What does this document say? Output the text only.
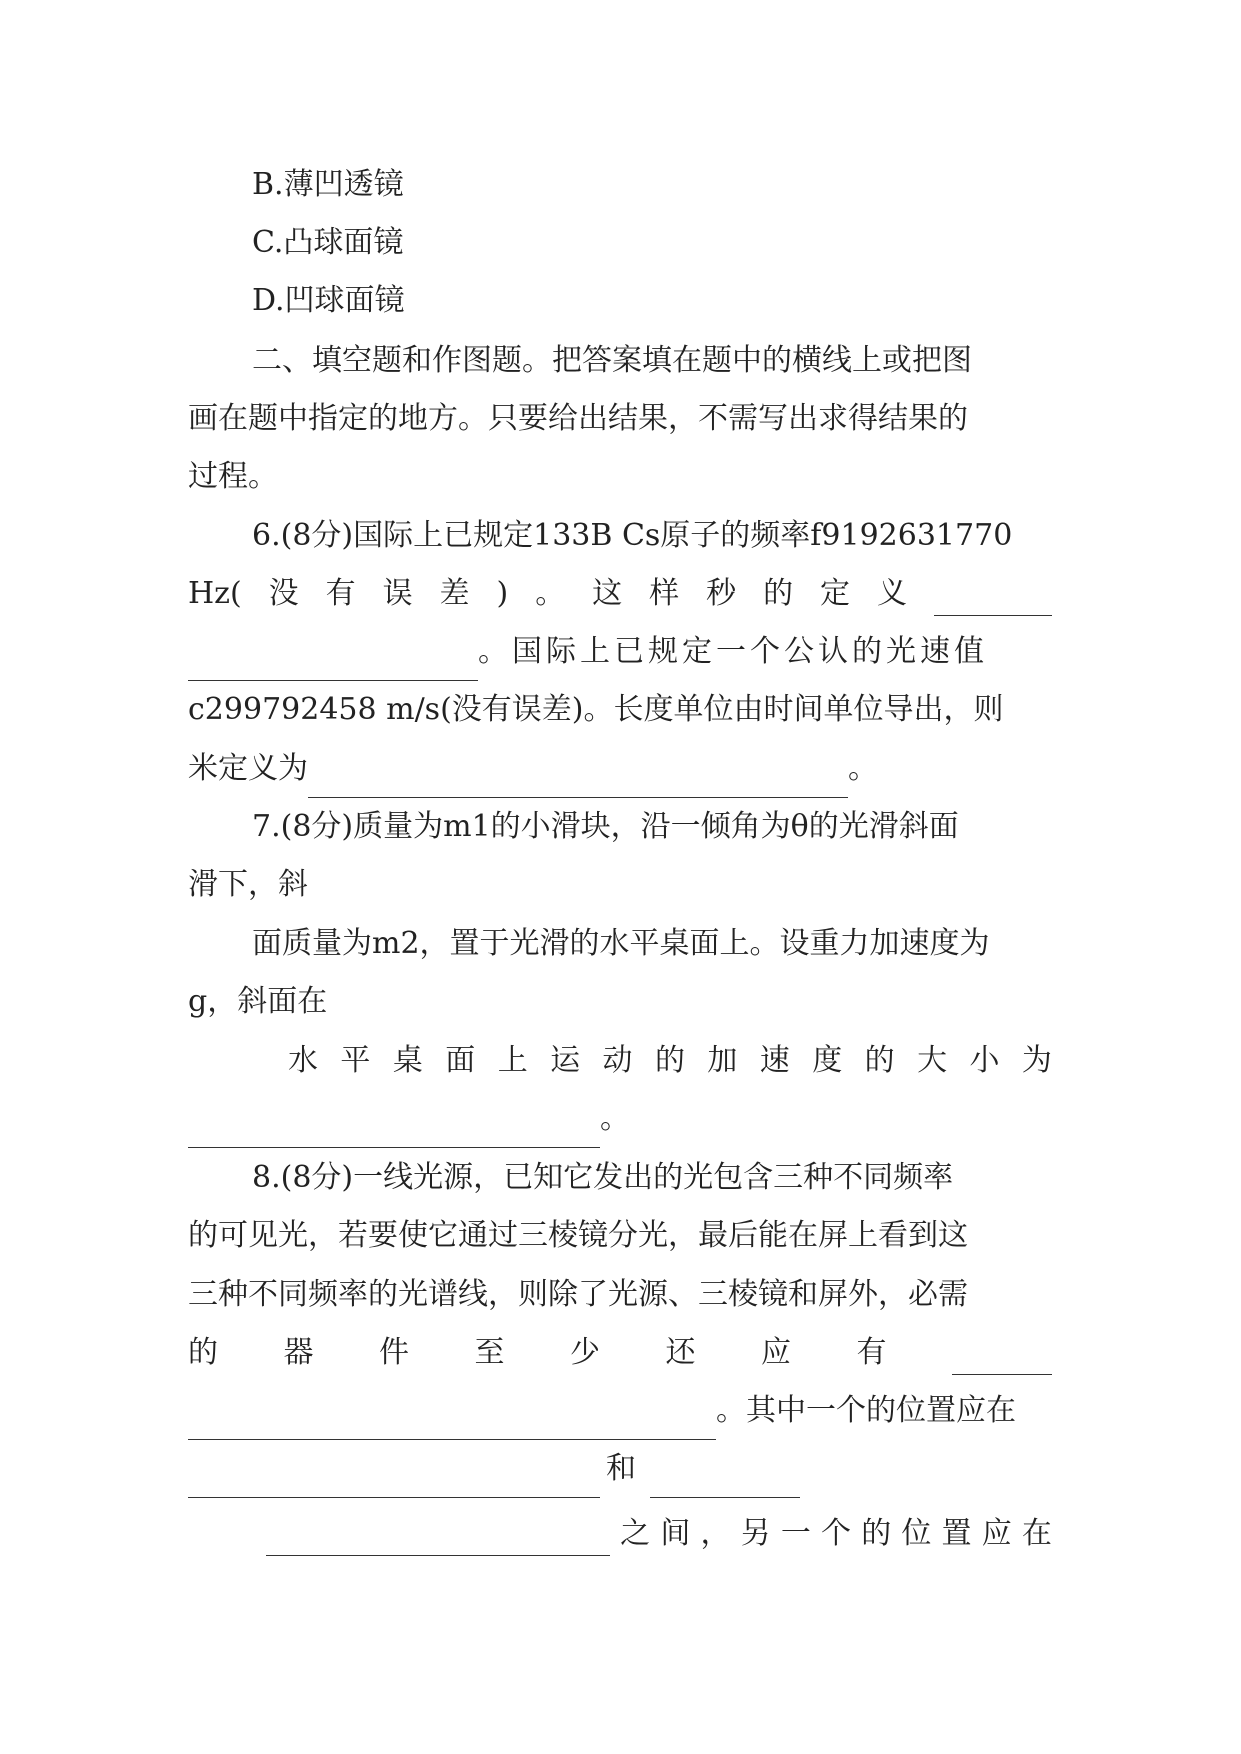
B.薄凹透镜
C.凸球面镜
D.凹球面镜
二、填空题和作图题。把答案填在题中的横线上或把图
画在题中指定的地方。只要给出结果，不需写出求得结果的
过程。
6.(8分)国际上已规定133B Cs原子的频率f9192631770
Hz( 没 有 误 差 ) 。 这 样 秒 的 定 义
。国际上已规定一个公认的光速值
c299792458 m/s(没有误差)。长度单位由时间单位导出，则
米定义为	。
7.(8分)质量为m1的小滑块，沿一倾角为θ的光滑斜面
滑下，斜
面质量为m2，置于光滑的水平桌面上。设重力加速度为
g，斜面在
水 平 桌 面 上 运 动 的 加 速 度 的 大 小 为
。
8.(8分)一线光源，已知它发出的光包含三种不同频率
的可见光，若要使它通过三棱镜分光，最后能在屏上看到这
三种不同频率的光谱线，则除了光源、三棱镜和屏外，必需
的 器 件 至 少 还 应 有
。其中一个的位置应在
和
之 间 ， 另 一 个 的 位 置 应 在
